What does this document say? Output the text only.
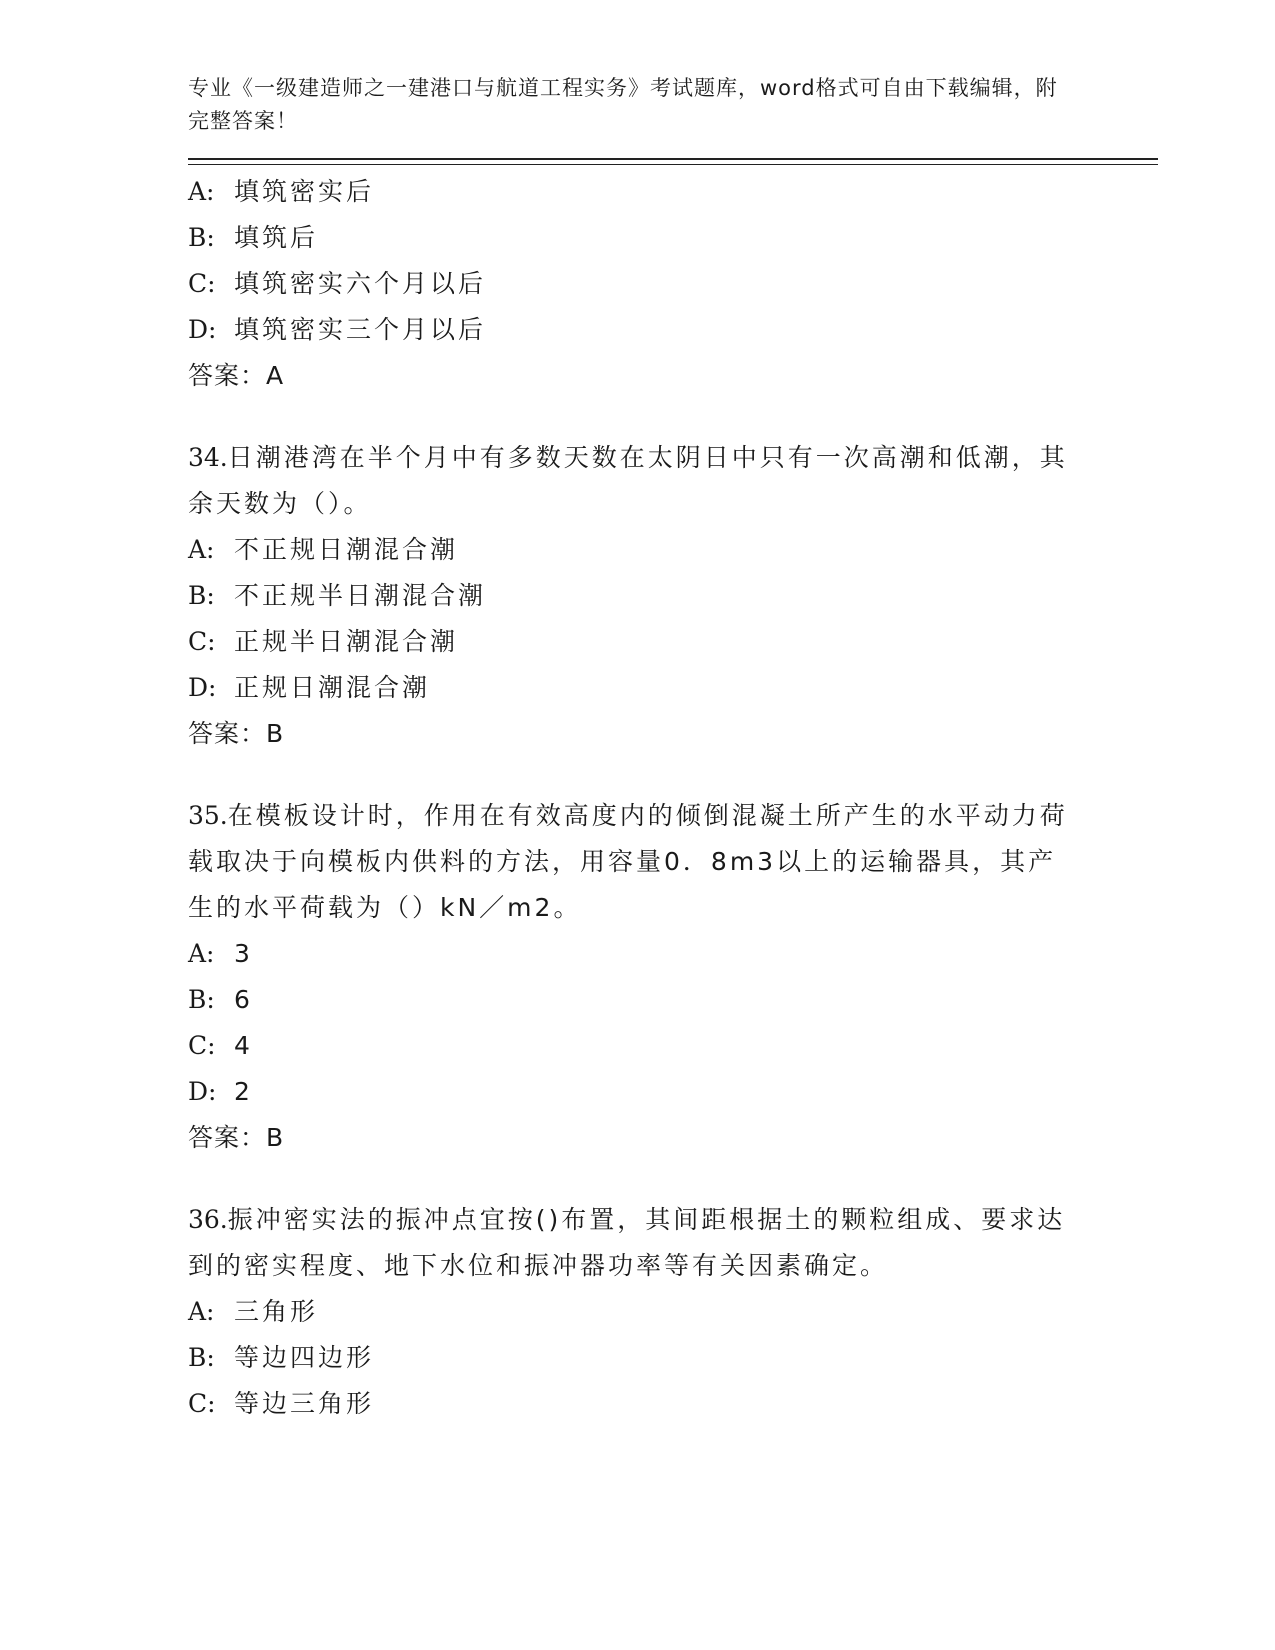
专业《一级建造师之一建港口与航道工程实务》考试题库，word格式可自由下载编辑，附完整答案！
A: 填筑密实后
B: 填筑后
C: 填筑密实六个月以后
D: 填筑密实三个月以后
答案：A
34.日潮港湾在半个月中有多数天数在太阴日中只有一次高潮和低潮，其余天数为（）。
A: 不正规日潮混合潮
B: 不正规半日潮混合潮
C: 正规半日潮混合潮
D: 正规日潮混合潮
答案：B
35.在模板设计时，作用在有效高度内的倾倒混凝土所产生的水平动力荷载取决于向模板内供料的方法，用容量0．8m3以上的运输器具，其产生的水平荷载为（）kN／m2。
A: 3
B: 6
C: 4
D: 2
答案：B
36.振冲密实法的振冲点宜按()布置，其间距根据土的颗粒组成、要求达到的密实程度、地下水位和振冲器功率等有关因素确定。
A: 三角形
B: 等边四边形
C: 等边三角形
